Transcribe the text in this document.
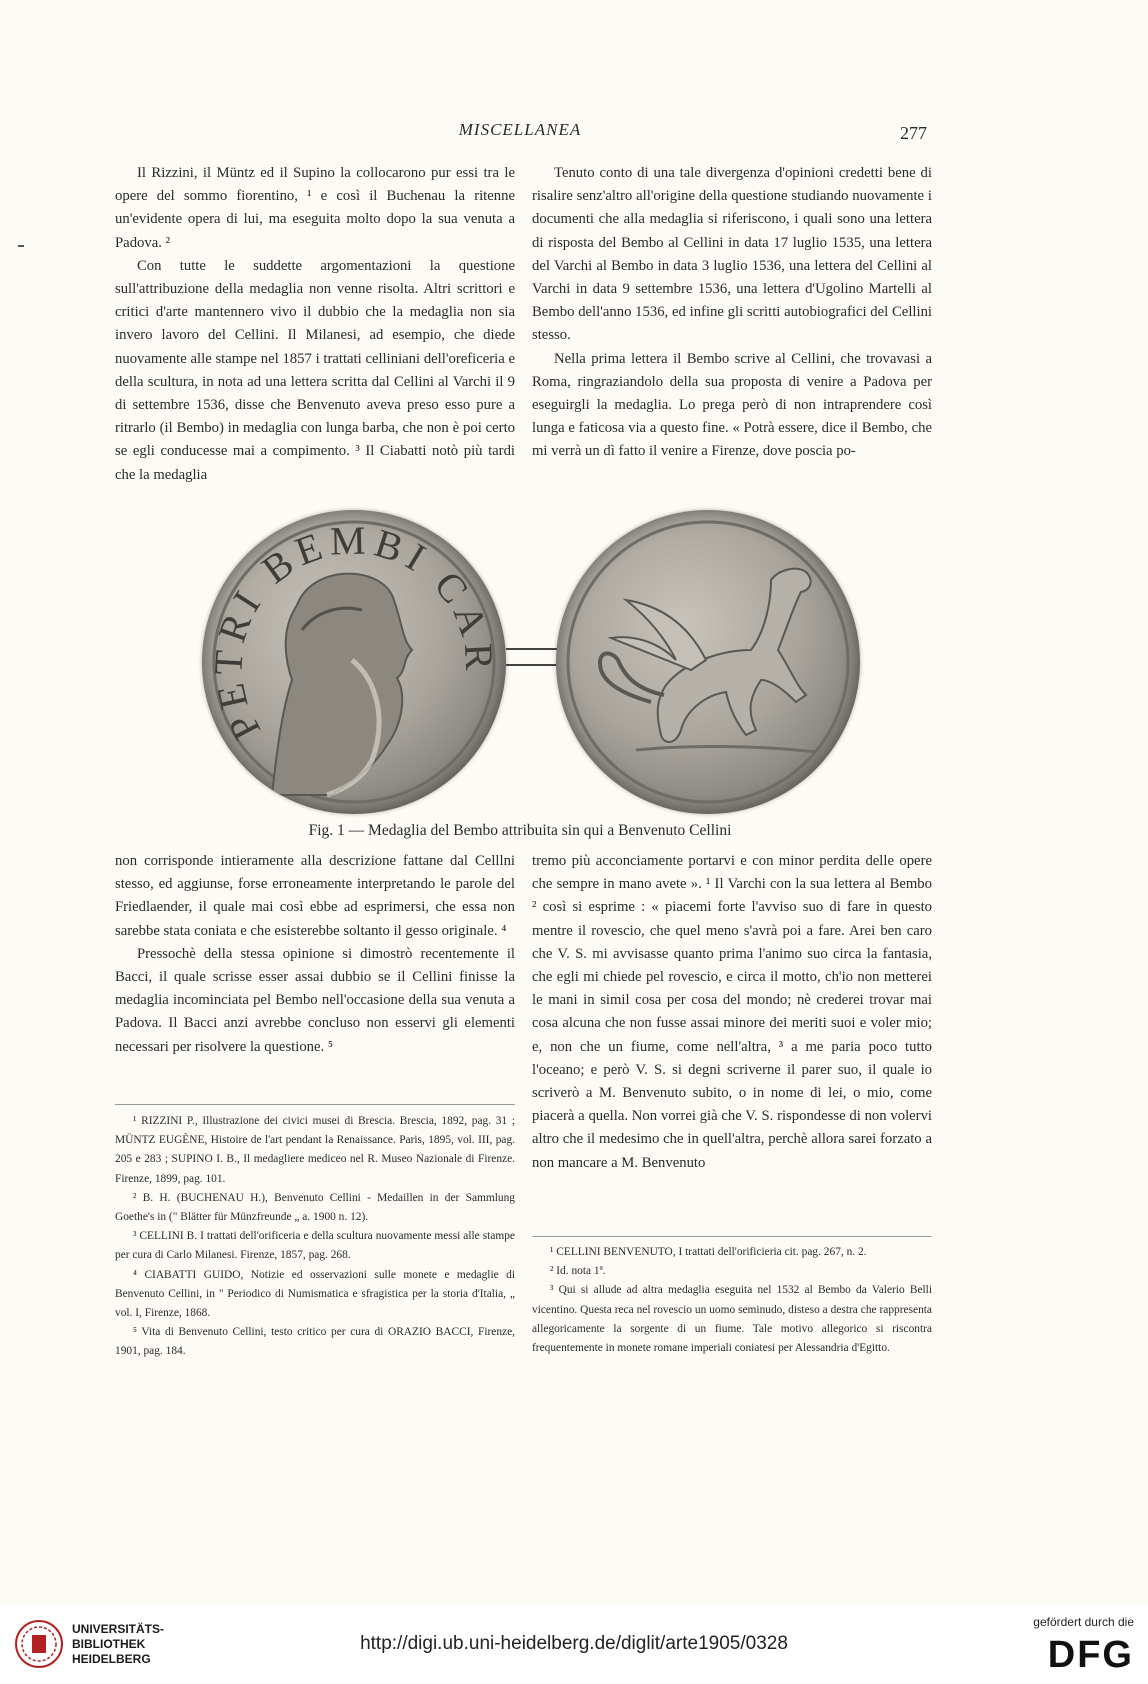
MISCELLANEA	277

Il Rizzini, il Müntz ed il Supino la collocarono pur essi tra le opere del sommo fiorentino, ¹ e così il Buchenau la ritenne un'evidente opera di lui, ma eseguita molto dopo la sua venuta a Padova. ²

Con tutte le suddette argomentazioni la questione sull'attribuzione della medaglia non venne risolta. Altri scrittori e critici d'arte mantennero vivo il dubbio che la medaglia non sia invero lavoro del Cellini. Il Milanesi, ad esempio, che diede nuovamente alle stampe nel 1857 i trattati celliniani dell'oreficeria e della scultura, in nota ad una lettera scritta dal Cellini al Varchi il 9 di settembre 1536, disse che Benvenuto aveva preso esso pure a ritrarlo (il Bembo) in medaglia con lunga barba, che non è poi certo se egli conducesse mai a compimento. ³ Il Ciabatti notò più tardi che la medaglia

Tenuto conto di una tale divergenza d'opinioni credetti bene di risalire senz'altro all'origine della questione studiando nuovamente i documenti che alla medaglia si riferiscono, i quali sono una lettera di risposta del Bembo al Cellini in data 17 luglio 1535, una lettera del Varchi al Bembo in data 3 luglio 1536, una lettera del Cellini al Varchi in data 9 settembre 1536, una lettera d'Ugolino Martelli al Bembo dell'anno 1536, ed infine gli scritti autobiografici del Cellini stesso.

Nella prima lettera il Bembo scrive al Cellini, che trovavasi a Roma, ringraziandolo della sua proposta di venire a Padova per eseguirgli la medaglia. Lo prega però di non intraprendere così lunga e faticosa via a questo fine. « Potrà essere, dice il Bembo, che mi verrà un dì fatto il venire a Firenze, dove poscia po-

PETRI BEMBI CAR
Fig. 1 — Medaglia del Bembo attribuita sin qui a Benvenuto Cellini

non corrisponde intieramente alla descrizione fattane dal Celllni stesso, ed aggiunse, forse erroneamente interpretando le parole del Friedlaender, il quale mai così ebbe ad esprimersi, che essa non sarebbe stata coniata e che esisterebbe soltanto il gesso originale. ⁴

Pressochè della stessa opinione si dimostrò recentemente il Bacci, il quale scrisse esser assai dubbio se il Cellini finisse la medaglia incominciata pel Bembo nell'occasione della sua venuta a Padova. Il Bacci anzi avrebbe concluso non esservi gli elementi necessari per risolvere la questione. ⁵

tremo più acconciamente portarvi e con minor perdita delle opere che sempre in mano avete ». ¹ Il Varchi con la sua lettera al Bembo ² così si esprime : « piacemi forte l'avviso suo di fare in questo mentre il rovescio, che quel meno s'avrà poi a fare. Arei ben caro che V. S. mi avvisasse quanto prima l'animo suo circa la fantasia, che egli mi chiede pel rovescio, e circa il motto, ch'io non metterei le mani in simil cosa per cosa del mondo; nè crederei trovar mai cosa alcuna che non fusse assai minore dei meriti suoi e voler mio; e, non che un fiume, come nell'altra, ³ a me paria poco tutto l'oceano; e però V. S. si degni scriverne il parer suo, il quale io scriverò a M. Benvenuto subito, o in nome di lei, o mio, come piacerà a quella. Non vorrei già che V. S. rispondesse di non volervi altro che il medesimo che in quell'altra, perchè allora sarei forzato a non mancare a M. Benvenuto

¹ RIZZINI P., Illustrazione dei civici musei di Brescia. Brescia, 1892, pag. 31 ; MÜNTZ EUGÈNE, Histoire de l'art pendant la Renaissance. Paris, 1895, vol. III, pag. 205 e 283 ; SUPINO I. B., Il medagliere mediceo nel R. Museo Nazionale di Firenze. Firenze, 1899, pag. 101.

² B. H. (BUCHENAU H.), Benvenuto Cellini - Medaillen in der Sammlung Goethe's in (" Blätter für Münzfreunde „ a. 1900 n. 12).

³ CELLINI B. I trattati dell'orificeria e della scultura nuovamente messi alle stampe per cura di Carlo Milanesi. Firenze, 1857, pag. 268.

⁴ CIABATTI GUIDO, Notizie ed osservazioni sulle monete e medaglie di Benvenuto Cellini, in " Periodico di Numismatica e sfragistica per la storia d'Italia, „ vol. I, Firenze, 1868.

⁵ Vita di Benvenuto Cellini, testo critico per cura di ORAZIO BACCI, Firenze, 1901, pag. 184.

¹ CELLINI BENVENUTO, I trattati dell'orificieria cit. pag. 267, n. 2.

² Id. nota 1ª.

³ Qui si allude ad altra medaglia eseguita nel 1532 al Bembo da Valerio Belli vicentino. Questa reca nel rovescio un uomo seminudo, disteso a destra che rappresenta allegoricamente la sorgente di un fiume. Tale motivo allegorico si riscontra frequentemente in monete romane imperiali coniatesi per Alessandria d'Egitto.

UNIVERSITÄTS-
BIBLIOTHEK
HEIDELBERG
http://digi.ub.uni-heidelberg.de/diglit/arte1905/0328
gefördert durch die
DFG
